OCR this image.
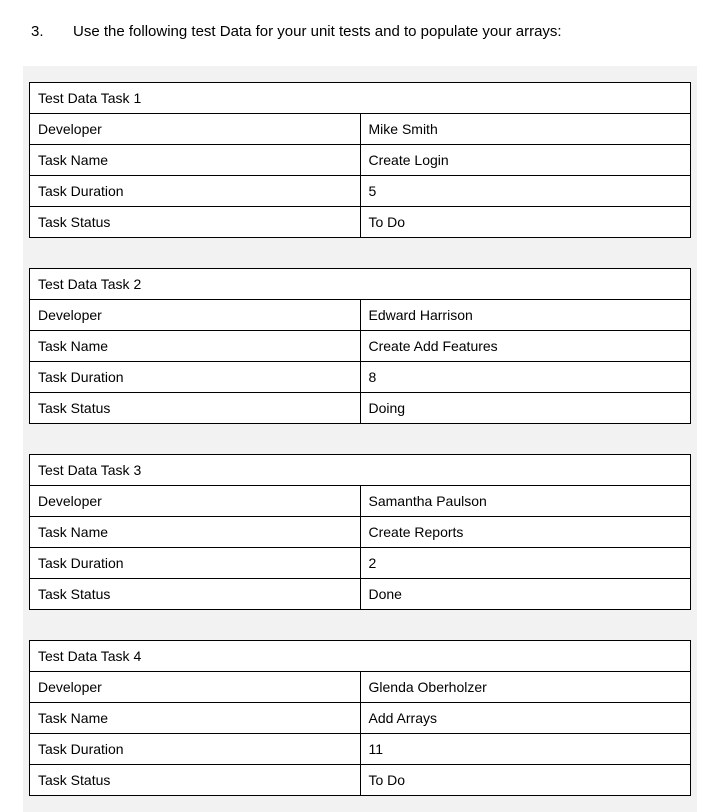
3. Use the following test Data for your unit tests and to populate your arrays:
Test Data Task 1	
Developer	Mike Smith
Task Name	Create Login
Task Duration	5
Task Status	To Do
Test Data Task 2	
Developer	Edward Harrison
Task Name	Create Add Features
Task Duration	8
Task Status	Doing
Test Data Task 3	
Developer	Samantha Paulson
Task Name	Create Reports
Task Duration	2
Task Status	Done
Test Data Task 4	
Developer	Glenda Oberholzer
Task Name	Add Arrays
Task Duration	11
Task Status	To Do
